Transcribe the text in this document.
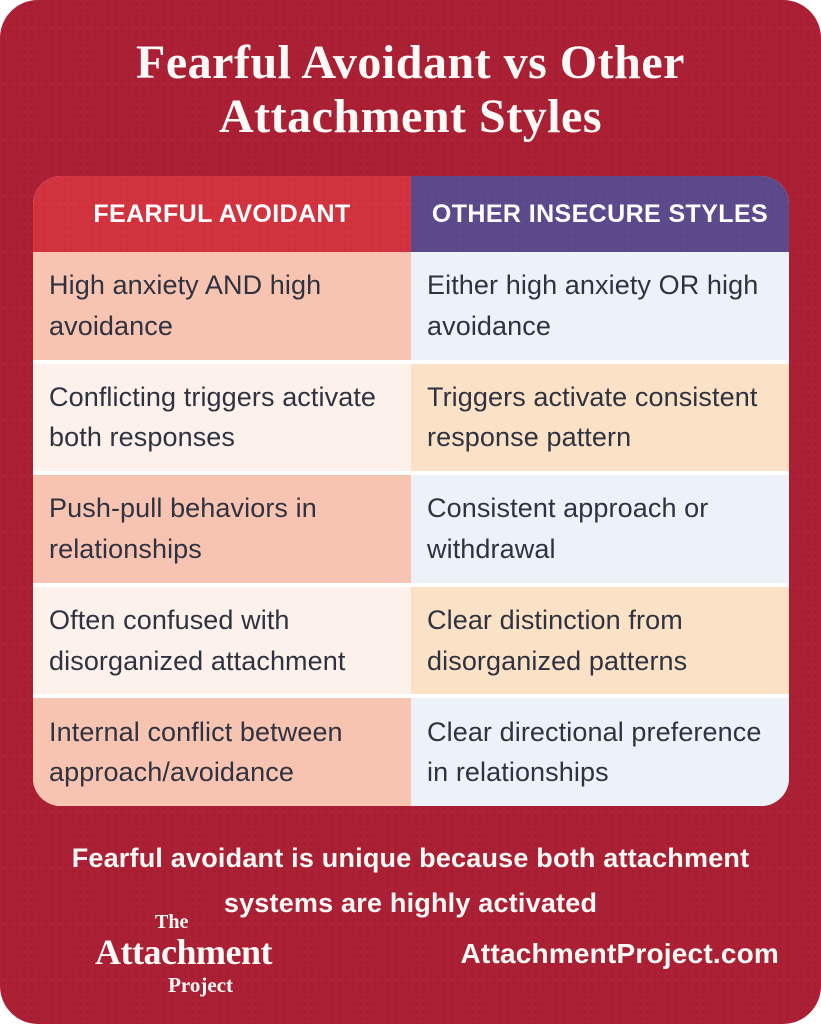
Fearful Avoidant vs Other Attachment Styles
FEARFUL AVOIDANT	OTHER INSECURE STYLES
High anxiety AND high avoidance
Either high anxiety OR high avoidance
Conflicting triggers activate both responses
Triggers activate consistent response pattern
Push-pull behaviors in relationships
Consistent approach or withdrawal
Often confused with disorganized attachment
Clear distinction from disorganized patterns
Internal conflict between approach/avoidance
Clear directional preference in relationships
Fearful avoidant is unique because both attachment systems are highly activated
The
Attachment
Project
AttachmentProject.com
